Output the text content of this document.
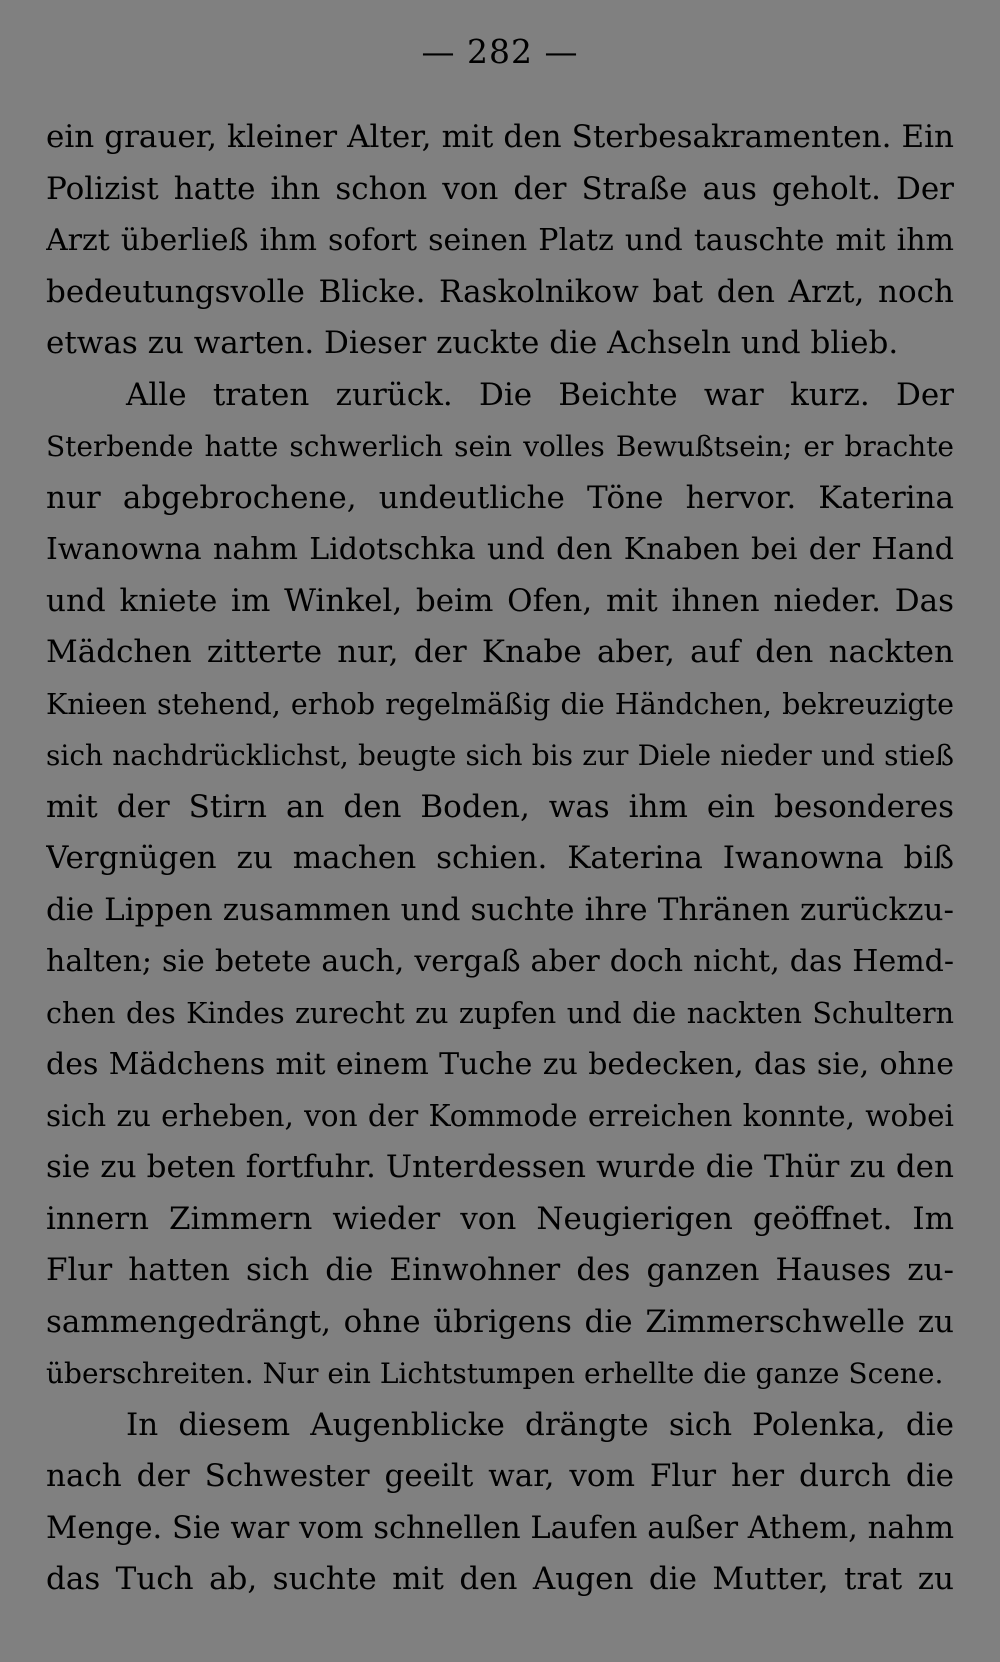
— 282 —
ein grauer, kleiner Alter, mit den Sterbesakramenten. Ein
Polizist hatte ihn schon von der Straße aus geholt. Der
Arzt überließ ihm sofort seinen Platz und tauschte mit ihm
bedeutungsvolle Blicke. Raskolnikow bat den Arzt, noch
etwas zu warten. Dieser zuckte die Achseln und blieb.
Alle traten zurück. Die Beichte war kurz. Der
Sterbende hatte schwerlich sein volles Bewußtsein; er brachte
nur abgebrochene, undeutliche Töne hervor. Katerina
Iwanowna nahm Lidotschka und den Knaben bei der Hand
und kniete im Winkel, beim Ofen, mit ihnen nieder. Das
Mädchen zitterte nur, der Knabe aber, auf den nackten
Knieen stehend, erhob regelmäßig die Händchen, bekreuzigte
sich nachdrücklichst, beugte sich bis zur Diele nieder und stieß
mit der Stirn an den Boden, was ihm ein besonderes
Vergnügen zu machen schien. Katerina Iwanowna biß
die Lippen zusammen und suchte ihre Thränen zurückzu-
halten; sie betete auch, vergaß aber doch nicht, das Hemd-
chen des Kindes zurecht zu zupfen und die nackten Schultern
des Mädchens mit einem Tuche zu bedecken, das sie, ohne
sich zu erheben, von der Kommode erreichen konnte, wobei
sie zu beten fortfuhr. Unterdessen wurde die Thür zu den
innern Zimmern wieder von Neugierigen geöffnet. Im
Flur hatten sich die Einwohner des ganzen Hauses zu-
sammengedrängt, ohne übrigens die Zimmerschwelle zu
überschreiten. Nur ein Lichtstumpen erhellte die ganze Scene.
In diesem Augenblicke drängte sich Polenka, die
nach der Schwester geeilt war, vom Flur her durch die
Menge. Sie war vom schnellen Laufen außer Athem, nahm
das Tuch ab, suchte mit den Augen die Mutter, trat zu
